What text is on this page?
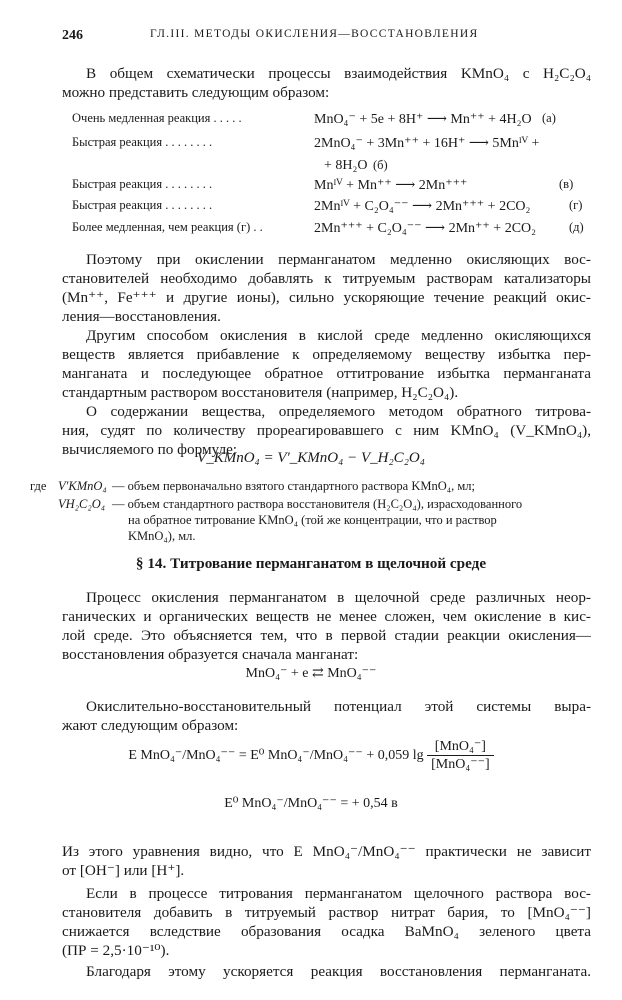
246	ГЛ.III. МЕТОДЫ ОКИСЛЕНИЯ—ВОССТАНОВЛЕНИЯ
В общем схематически процессы взаимодействия KMnO₄ с H₂C₂O₄
можно представить следующим образом:
Очень медленная реакция . . . . .	MnO₄⁻ + 5e + 8H⁺ ⟶ Mn⁺⁺ + 4H₂O (а)
Быстрая реакция . . . . . . . .	2MnO₄⁻ + 3Mn⁺⁺ + 16H⁺ ⟶ 5Mnᴵⱽ +
+ 8H₂O (б)
Быстрая реакция . . . . . . . .	Mnᴵⱽ + Mn⁺⁺ ⟶ 2Mn⁺⁺⁺	(в)
Быстрая реакция . . . . . . . .	2Mnᴵⱽ + C₂O₄⁻⁻ ⟶ 2Mn⁺⁺⁺ + 2CO₂	(г)
Более медленная, чем реакция (г) . .	2Mn⁺⁺⁺ + C₂O₄⁻⁻ ⟶ 2Mn⁺⁺ + 2CO₂	(д)
Поэтому при окислении перманганатом медленно окисляющих вос-
становителей необходимо добавлять к титруемым растворам катализаторы
(Mn⁺⁺, Fe⁺⁺⁺ и другие ионы), сильно ускоряющие течение реакций окис-
ления—восстановления.
Другим способом окисления в кислой среде медленно окисляющихся
веществ является прибавление к определяемому веществу избытка пер-
манганата и последующее обратное оттитрование избытка перманганата
стандартным раствором восстановителя (например, H₂C₂O₄).
О содержании вещества, определяемого методом обратного титрова-
ния, судят по количеству прореагировавшего с ним KMnO₄ (V_KMnO₄),
вычисляемого по формуле:
V_KMnO₄ = V′_KMnO₄ − V_H₂C₂O₄
где V′KMnO₄ — объем первоначально взятого стандартного раствора KMnO₄, мл;
VH₂C₂O₄ — объем стандартного раствора восстановителя (H₂C₂O₄), израсходованного
на обратное титрование KMnO₄ (той же концентрации, что и раствор
KMnO₄), мл.
§ 14. Титрование перманганатом в щелочной среде
Процесс окисления перманганатом в щелочной среде различных неор-
ганических и органических веществ не менее сложен, чем окисление в кис-
лой среде. Это объясняется тем, что в первой стадии реакции окисления—
восстановления образуется сначала манганат:
MnO₄⁻ + e ⇄ MnO₄⁻⁻
Окислительно-восстановительный потенциал этой системы выра-
жают следующим образом:
E MnO₄⁻/MnO₄⁻⁻ = E⁰ MnO₄⁻/MnO₄⁻⁻ + 0,059 $\lg \frac{\text{[MnO₄⁻]}}{\text{[MnO₄⁻⁻]}}$
E⁰ MnO₄⁻/MnO₄⁻⁻ = + 0,54 в
Из этого уравнения видно, что E MnO₄⁻/MnO₄⁻⁻ практически не зависит
от [OH⁻] или [H⁺].
Если в процессе титрования перманганатом щелочного раствора вос-
становителя добавить в титруемый раствор нитрат бария, то [MnO₄⁻⁻]
снижается вследствие образования осадка BaMnO₄ зеленого цвета
(ПР = 2,5·10⁻¹⁰).
Благодаря этому ускоряется реакция восстановления перманганата.
